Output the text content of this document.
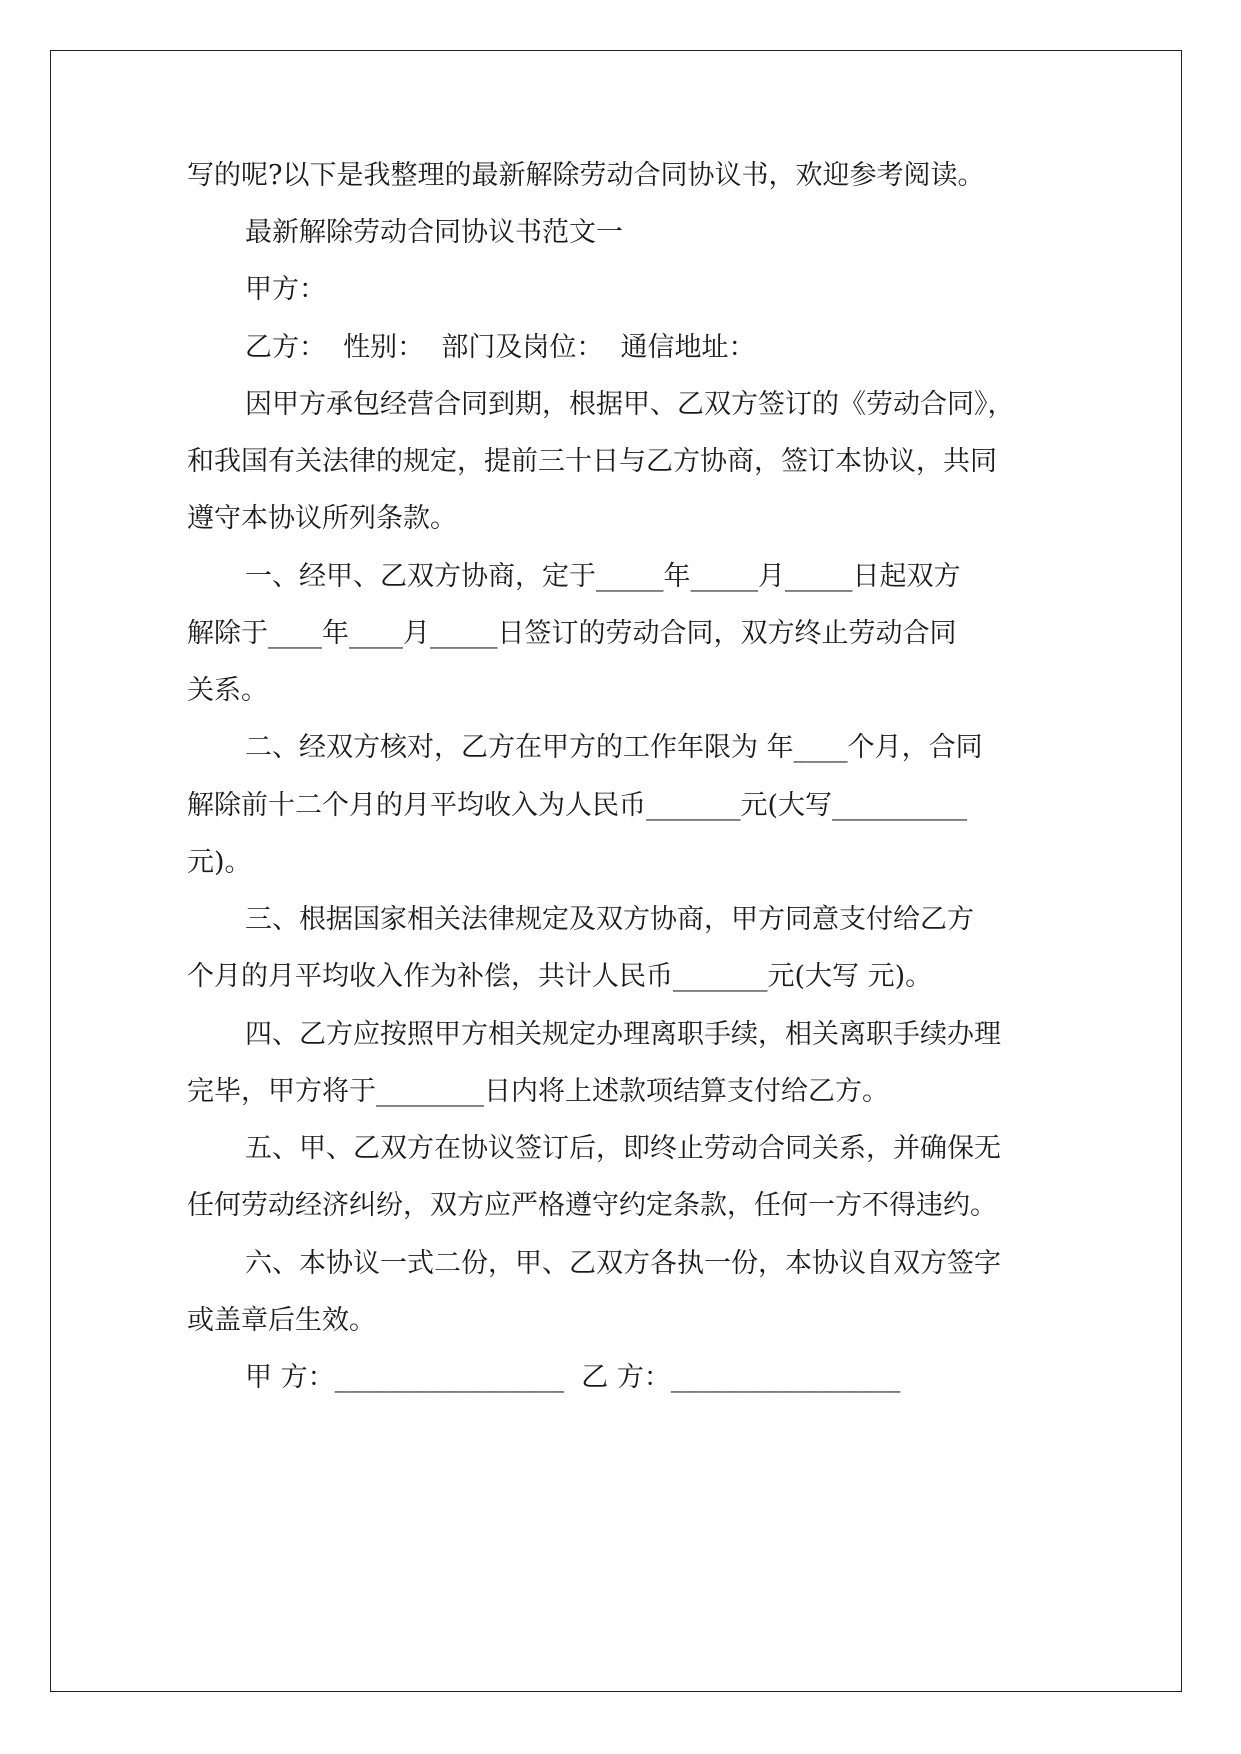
写的呢?以下是我整理的最新解除劳动合同协议书，欢迎参考阅读。
最新解除劳动合同协议书范文一
甲方：
乙方：  性别：  部门及岗位：  通信地址：
因甲方承包经营合同到期，根据甲、乙双方签订的《劳动合同》，
和我国有关法律的规定，提前三十日与乙方协商，签订本协议，共同
遵守本协议所列条款。
一、经甲、乙双方协商，定于_____年_____月_____日起双方
解除于____年____月_____日签订的劳动合同，双方终止劳动合同
关系。
二、经双方核对，乙方在甲方的工作年限为 年____个月，合同
解除前十二个月的月平均收入为人民币_______元(大写__________
元)。
三、根据国家相关法律规定及双方协商，甲方同意支付给乙方
个月的月平均收入作为补偿，共计人民币_______元(大写 元)。
四、乙方应按照甲方相关规定办理离职手续，相关离职手续办理
完毕，甲方将于________日内将上述款项结算支付给乙方。
五、甲、乙双方在协议签订后，即终止劳动合同关系，并确保无
任何劳动经济纠纷，双方应严格遵守约定条款，任何一方不得违约。
六、本协议一式二份，甲、乙双方各执一份，本协议自双方签字
或盖章后生效。
甲 方：_________________  乙 方：_________________
